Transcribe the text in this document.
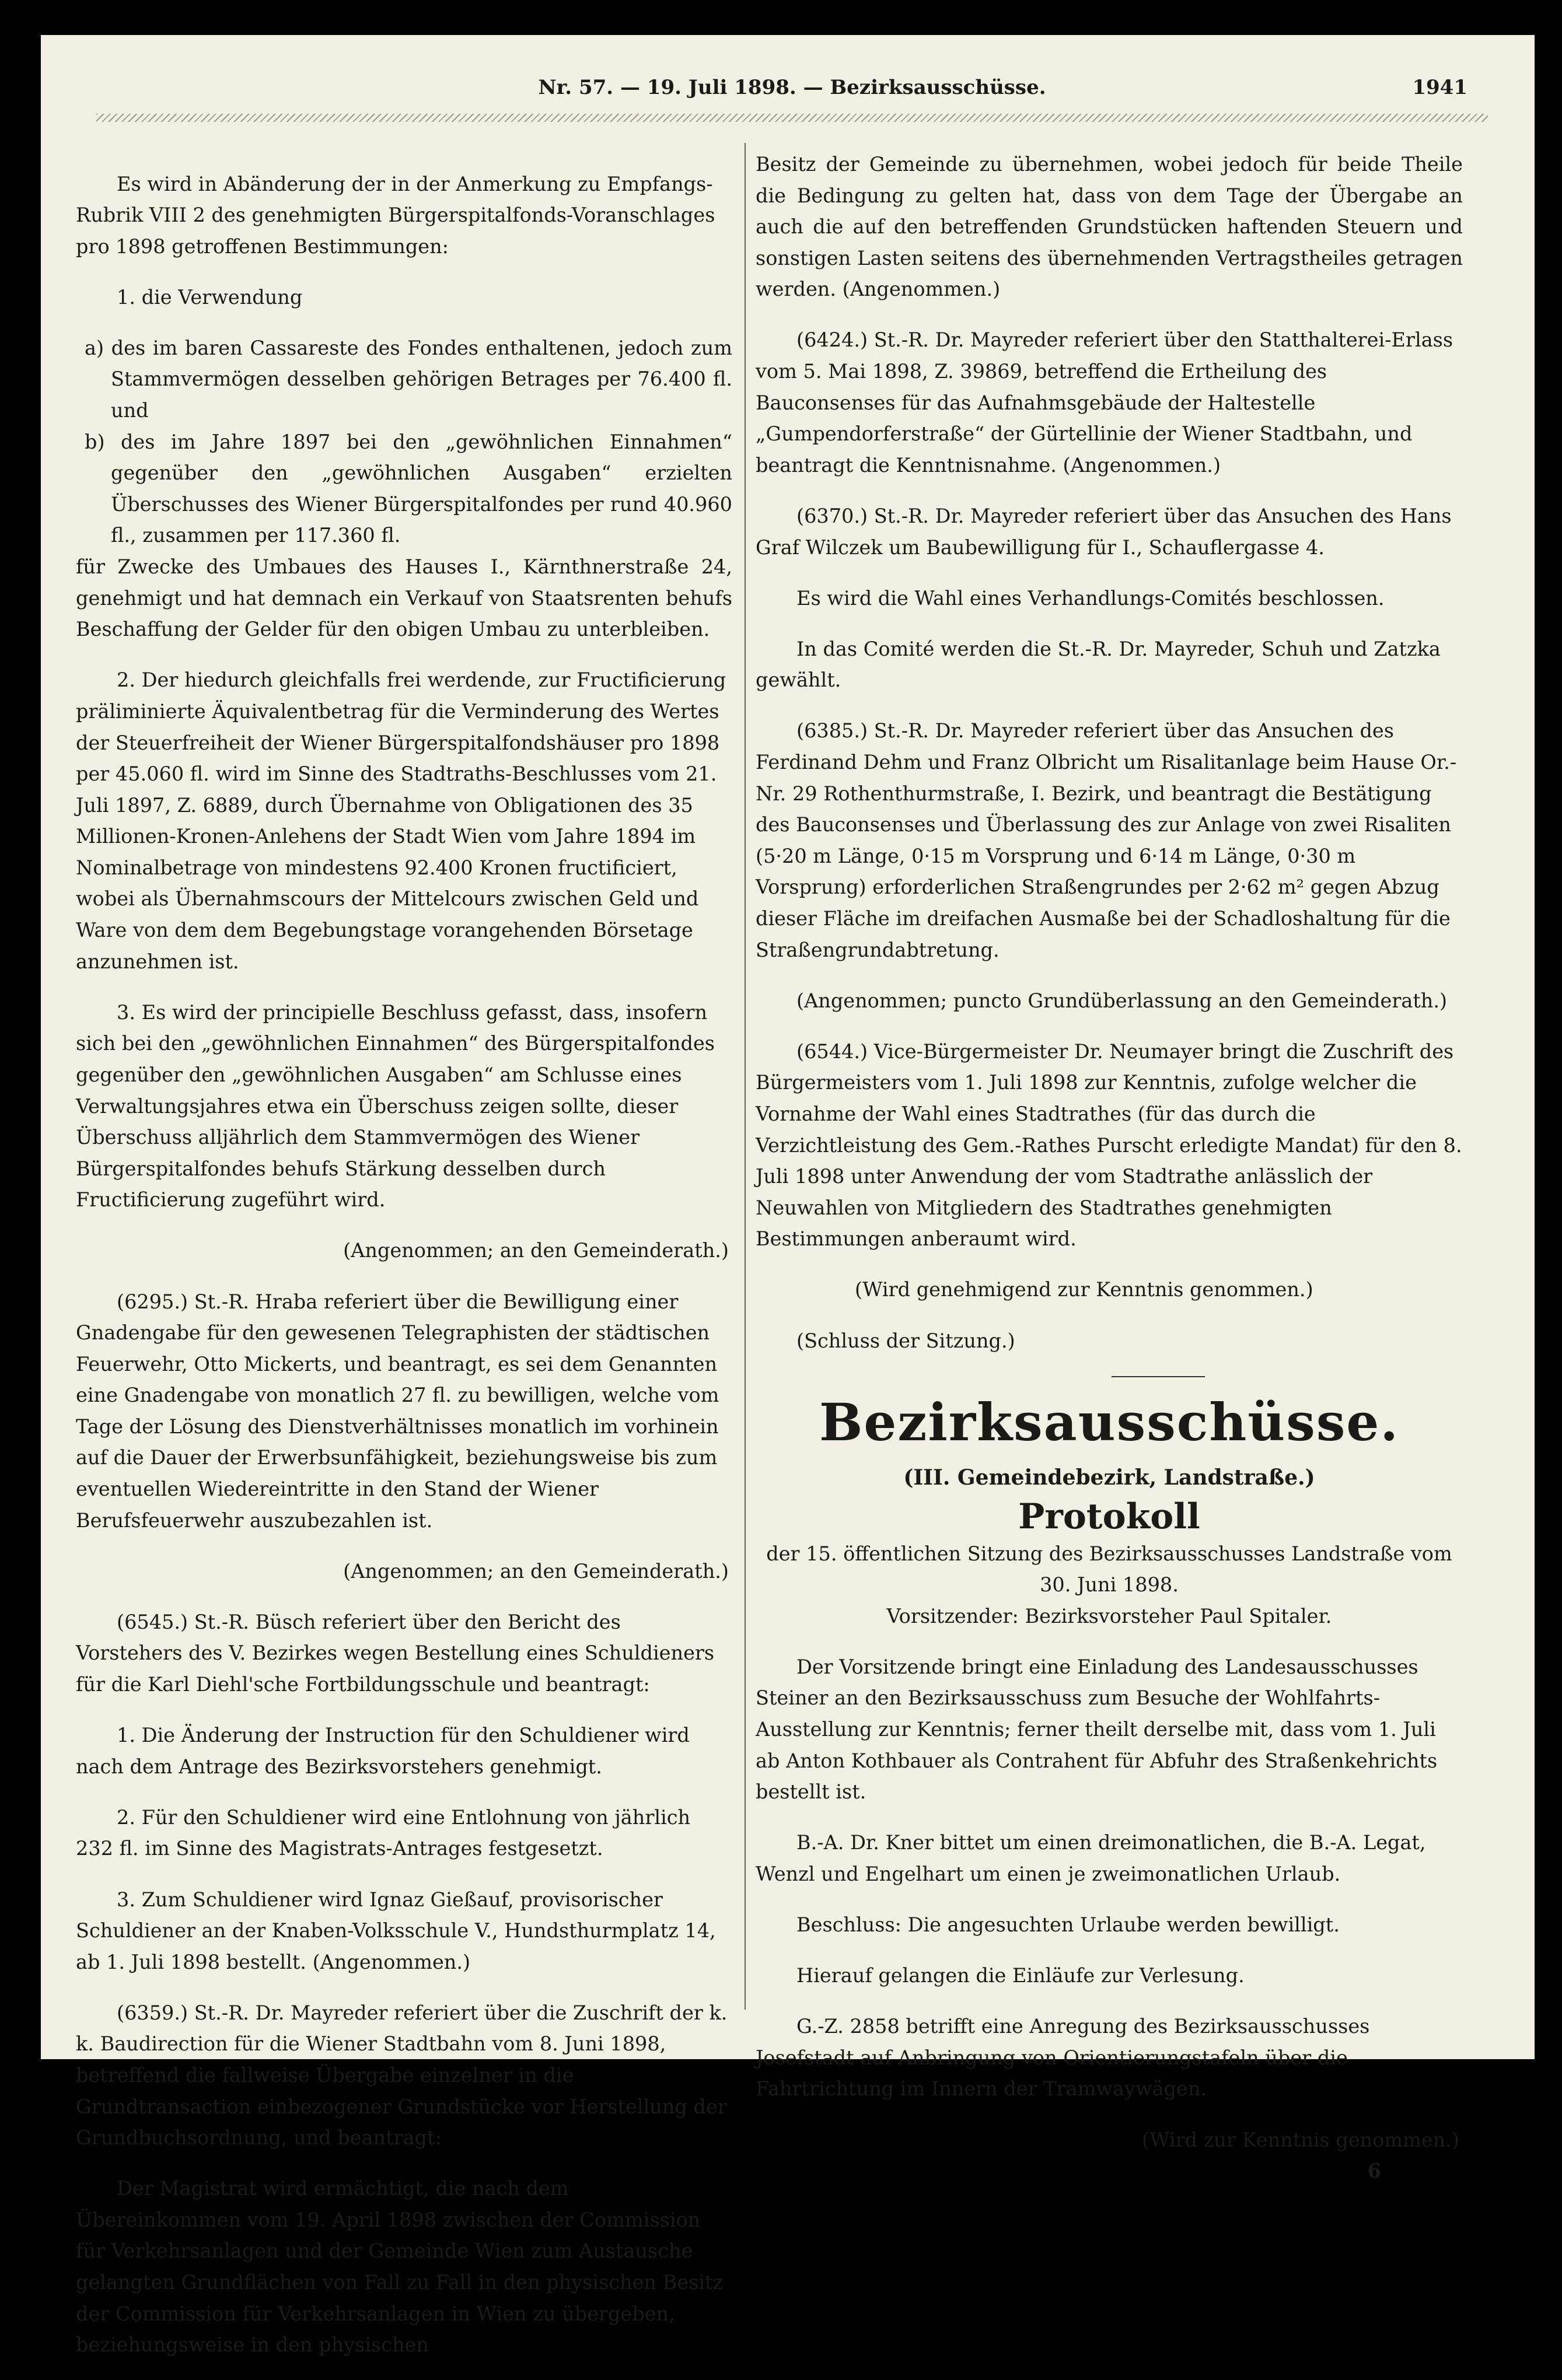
Nr. 57. — 19. Juli 1898. — Bezirksausschüsse.	1941

Es wird in Abänderung der in der Anmerkung zu Empfangs-Rubrik VIII 2 des genehmigten Bürgerspitalfonds-Voranschlages pro 1898 getroffenen Bestimmungen:

1. die Verwendung

a) des im baren Cassareste des Fondes enthaltenen, jedoch zum Stammvermögen desselben gehörigen Betrages per 76.400 fl. und

b) des im Jahre 1897 bei den „gewöhnlichen Einnahmen“ gegenüber den „gewöhnlichen Ausgaben“ erzielten Überschusses des Wiener Bürgerspitalfondes per rund 40.960 fl., zusammen per 117.360 fl.

für Zwecke des Umbaues des Hauses I., Kärnthnerstraße 24, genehmigt und hat demnach ein Verkauf von Staatsrenten behufs Beschaffung der Gelder für den obigen Umbau zu unterbleiben.

2. Der hiedurch gleichfalls frei werdende, zur Fructificierung präliminierte Äquivalentbetrag für die Verminderung des Wertes der Steuerfreiheit der Wiener Bürgerspitalfondshäuser pro 1898 per 45.060 fl. wird im Sinne des Stadtraths-Beschlusses vom 21. Juli 1897, Z. 6889, durch Übernahme von Obligationen des 35 Millionen-Kronen-Anlehens der Stadt Wien vom Jahre 1894 im Nominalbetrage von mindestens 92.400 Kronen fructificiert, wobei als Übernahmscours der Mittelcours zwischen Geld und Ware von dem dem Begebungstage vorangehenden Börsetage anzunehmen ist.

3. Es wird der principielle Beschluss gefasst, dass, insofern sich bei den „gewöhnlichen Einnahmen“ des Bürgerspitalfondes gegenüber den „gewöhnlichen Ausgaben“ am Schlusse eines Verwaltungsjahres etwa ein Überschuss zeigen sollte, dieser Überschuss alljährlich dem Stammvermögen des Wiener Bürgerspitalfondes behufs Stärkung desselben durch Fructificierung zugeführt wird.

(Angenommen; an den Gemeinderath.)

(6295.) St.-R. Hraba referiert über die Bewilligung einer Gnadengabe für den gewesenen Telegraphisten der städtischen Feuerwehr, Otto Mickerts, und beantragt, es sei dem Genannten eine Gnadengabe von monatlich 27 fl. zu bewilligen, welche vom Tage der Lösung des Dienstverhältnisses monatlich im vorhinein auf die Dauer der Erwerbsunfähigkeit, beziehungsweise bis zum eventuellen Wiedereintritte in den Stand der Wiener Berufsfeuerwehr auszubezahlen ist.

(Angenommen; an den Gemeinderath.)

(6545.) St.-R. Büsch referiert über den Bericht des Vorstehers des V. Bezirkes wegen Bestellung eines Schuldieners für die Karl Diehl'sche Fortbildungsschule und beantragt:

1. Die Änderung der Instruction für den Schuldiener wird nach dem Antrage des Bezirksvorstehers genehmigt.

2. Für den Schuldiener wird eine Entlohnung von jährlich 232 fl. im Sinne des Magistrats-Antrages festgesetzt.

3. Zum Schuldiener wird Ignaz Gießauf, provisorischer Schuldiener an der Knaben-Volksschule V., Hundsthurmplatz 14, ab 1. Juli 1898 bestellt. (Angenommen.)

(6359.) St.-R. Dr. Mayreder referiert über die Zuschrift der k. k. Baudirection für die Wiener Stadtbahn vom 8. Juni 1898, betreffend die fallweise Übergabe einzelner in die Grundtransaction einbezogener Grundstücke vor Herstellung der Grundbuchsordnung, und beantragt:

Der Magistrat wird ermächtigt, die nach dem Übereinkommen vom 19. April 1898 zwischen der Commission für Verkehrsanlagen und der Gemeinde Wien zum Austausche gelangten Grundflächen von Fall zu Fall in den physischen Besitz der Commission für Verkehrsanlagen in Wien zu übergeben, beziehungsweise in den physischen

Besitz der Gemeinde zu übernehmen, wobei jedoch für beide Theile die Bedingung zu gelten hat, dass von dem Tage der Übergabe an auch die auf den betreffenden Grundstücken haftenden Steuern und sonstigen Lasten seitens des übernehmenden Vertragstheiles getragen werden. (Angenommen.)

(6424.) St.-R. Dr. Mayreder referiert über den Statthalterei-Erlass vom 5. Mai 1898, Z. 39869, betreffend die Ertheilung des Bauconsenses für das Aufnahmsgebäude der Haltestelle „Gumpendorferstraße“ der Gürtellinie der Wiener Stadtbahn, und beantragt die Kenntnisnahme. (Angenommen.)

(6370.) St.-R. Dr. Mayreder referiert über das Ansuchen des Hans Graf Wilczek um Baubewilligung für I., Schauflergasse 4.

Es wird die Wahl eines Verhandlungs-Comités beschlossen.

In das Comité werden die St.-R. Dr. Mayreder, Schuh und Zatzka gewählt.

(6385.) St.-R. Dr. Mayreder referiert über das Ansuchen des Ferdinand Dehm und Franz Olbricht um Risalitanlage beim Hause Or.-Nr. 29 Rothenthurmstraße, I. Bezirk, und beantragt die Bestätigung des Bauconsenses und Überlassung des zur Anlage von zwei Risaliten (5·20 m Länge, 0·15 m Vorsprung und 6·14 m Länge, 0·30 m Vorsprung) erforderlichen Straßengrundes per 2·62 m² gegen Abzug dieser Fläche im dreifachen Ausmaße bei der Schadloshaltung für die Straßengrundabtretung.

(Angenommen; puncto Grundüberlassung an den Gemeinderath.)

(6544.) Vice-Bürgermeister Dr. Neumayer bringt die Zuschrift des Bürgermeisters vom 1. Juli 1898 zur Kenntnis, zufolge welcher die Vornahme der Wahl eines Stadtrathes (für das durch die Verzichtleistung des Gem.-Rathes Purscht erledigte Mandat) für den 8. Juli 1898 unter Anwendung der vom Stadtrathe anlässlich der Neuwahlen von Mitgliedern des Stadtrathes genehmigten Bestimmungen anberaumt wird.

(Wird genehmigend zur Kenntnis genommen.)

(Schluss der Sitzung.)

Bezirksausschüsse.
(III. Gemeindebezirk, Landstraße.)
Protokoll

der 15. öffentlichen Sitzung des Bezirksausschusses Landstraße vom 30. Juni 1898.

Vorsitzender: Bezirksvorsteher Paul Spitaler.

Der Vorsitzende bringt eine Einladung des Landesausschusses Steiner an den Bezirksausschuss zum Besuche der Wohlfahrts-Ausstellung zur Kenntnis; ferner theilt derselbe mit, dass vom 1. Juli ab Anton Kothbauer als Contrahent für Abfuhr des Straßenkehrichts bestellt ist.

B.-A. Dr. Kner bittet um einen dreimonatlichen, die B.-A. Legat, Wenzl und Engelhart um einen je zweimonatlichen Urlaub.

Beschluss: Die angesuchten Urlaube werden bewilligt.

Hierauf gelangen die Einläufe zur Verlesung.

G.-Z. 2858 betrifft eine Anregung des Bezirksausschusses Josefstadt auf Anbringung von Orientierungstafeln über die Fahrtrichtung im Innern der Tramwaywägen.

(Wird zur Kenntnis genommen.)

6
